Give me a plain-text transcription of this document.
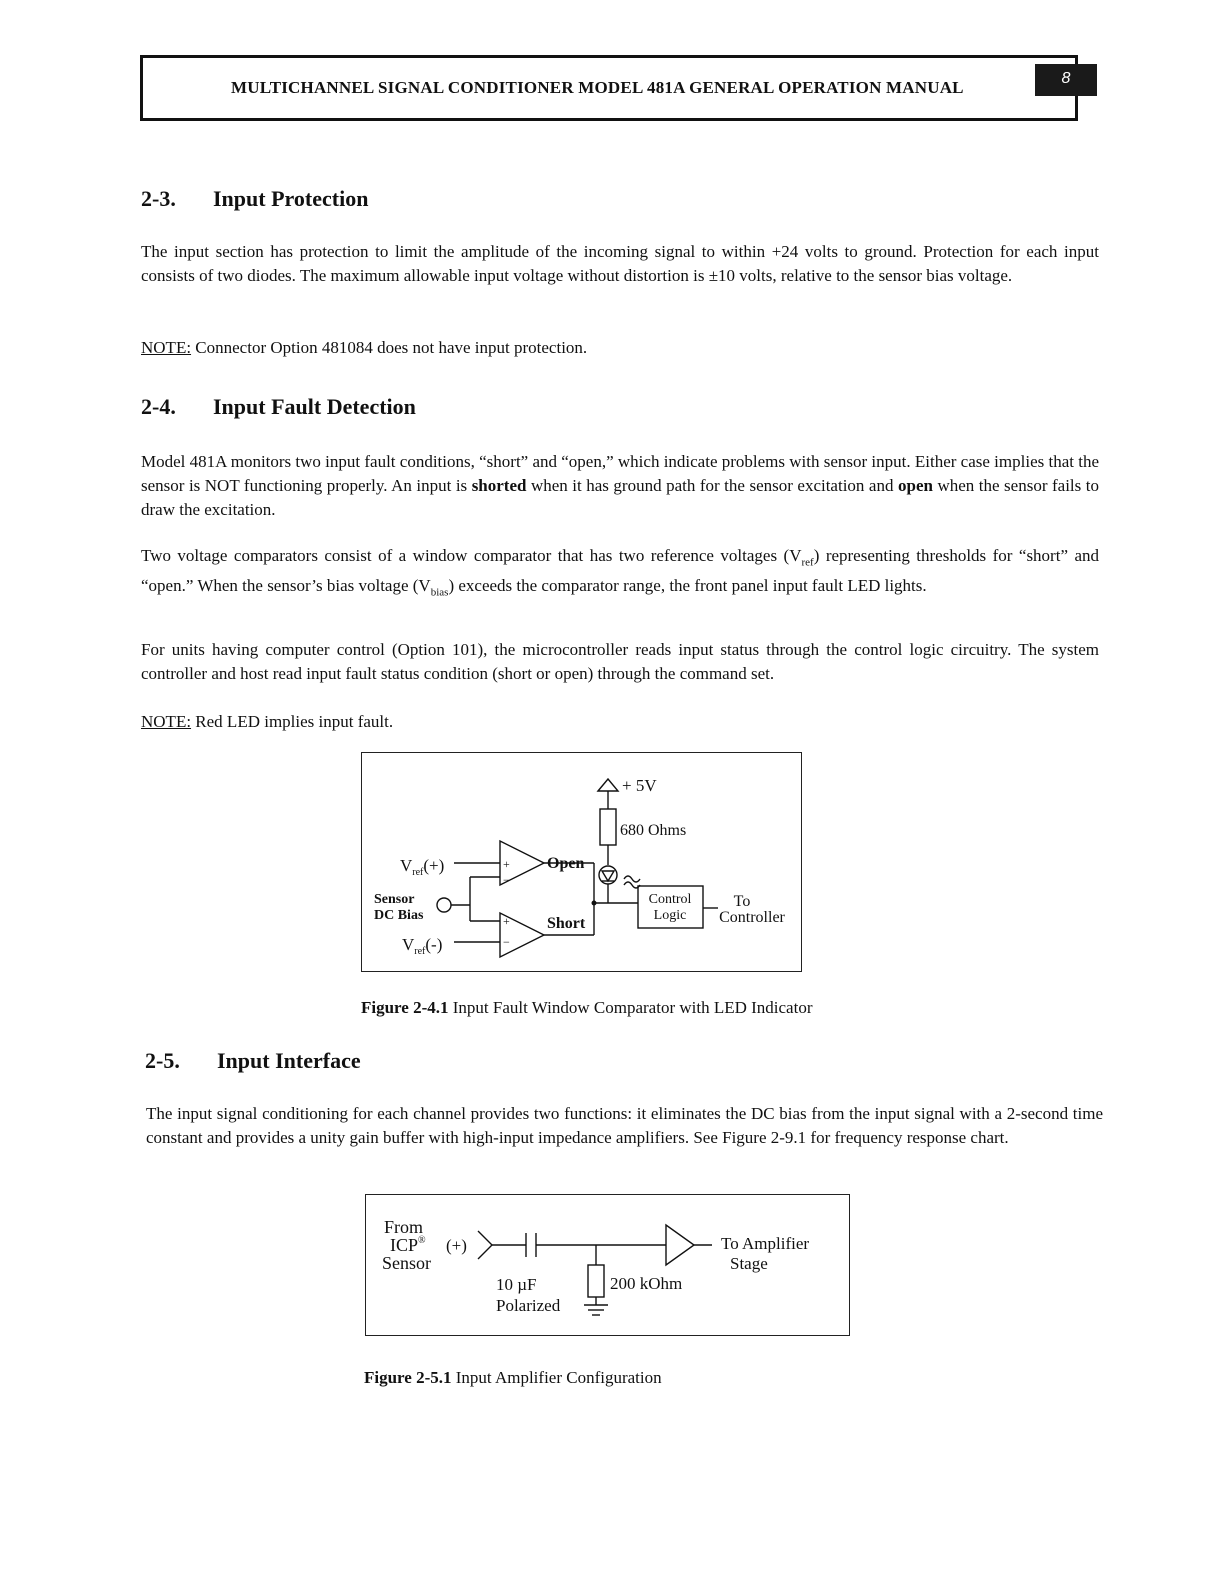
MULTICHANNEL SIGNAL CONDITIONER MODEL 481A GENERAL OPERATION MANUAL	8
2-3. Input Protection
The input section has protection to limit the amplitude of the incoming signal to within +24 volts to ground. Protection for each input consists of two diodes. The maximum allowable input voltage without distortion is ±10 volts, relative to the sensor bias voltage.
NOTE: Connector Option 481084 does not have input protection.
2-4. Input Fault Detection
Model 481A monitors two input fault conditions, “short” and “open,” which indicate problems with sensor input. Either case implies that the sensor is NOT functioning properly. An input is shorted when it has ground path for the sensor excitation and open when the sensor fails to draw the excitation.
Two voltage comparators consist of a window comparator that has two reference voltages $(V_{ref})$ representing thresholds for “short” and “open.” When the sensor’s bias voltage $(V_{bias})$ exceeds the comparator range, the front panel input fault LED lights.
For units having computer control (Option 101), the microcontroller reads input status through the control logic circuitry. The system controller and host read input fault status condition (short or open) through the command set.
NOTE: Red LED implies input fault.
+ 5V
680 Ohms
$V_{ref}(+)$
$V_{ref}(-)$
Sensor
DC Bias
Open
Short
+
−
+
−
Control
Logic
To
Controller
Figure 2-4.1 Input Fault Window Comparator with LED Indicator
2-5. Input Interface
The input signal conditioning for each channel provides two functions: it eliminates the DC bias from the input signal with a 2-second time constant and provides a unity gain buffer with high-input impedance amplifiers. See Figure 2-9.1 for frequency response chart.
From
ICP® (+)
Sensor
10 µF
Polarized
200 kOhm
To Amplifier
Stage
Figure 2-5.1 Input Amplifier Configuration
